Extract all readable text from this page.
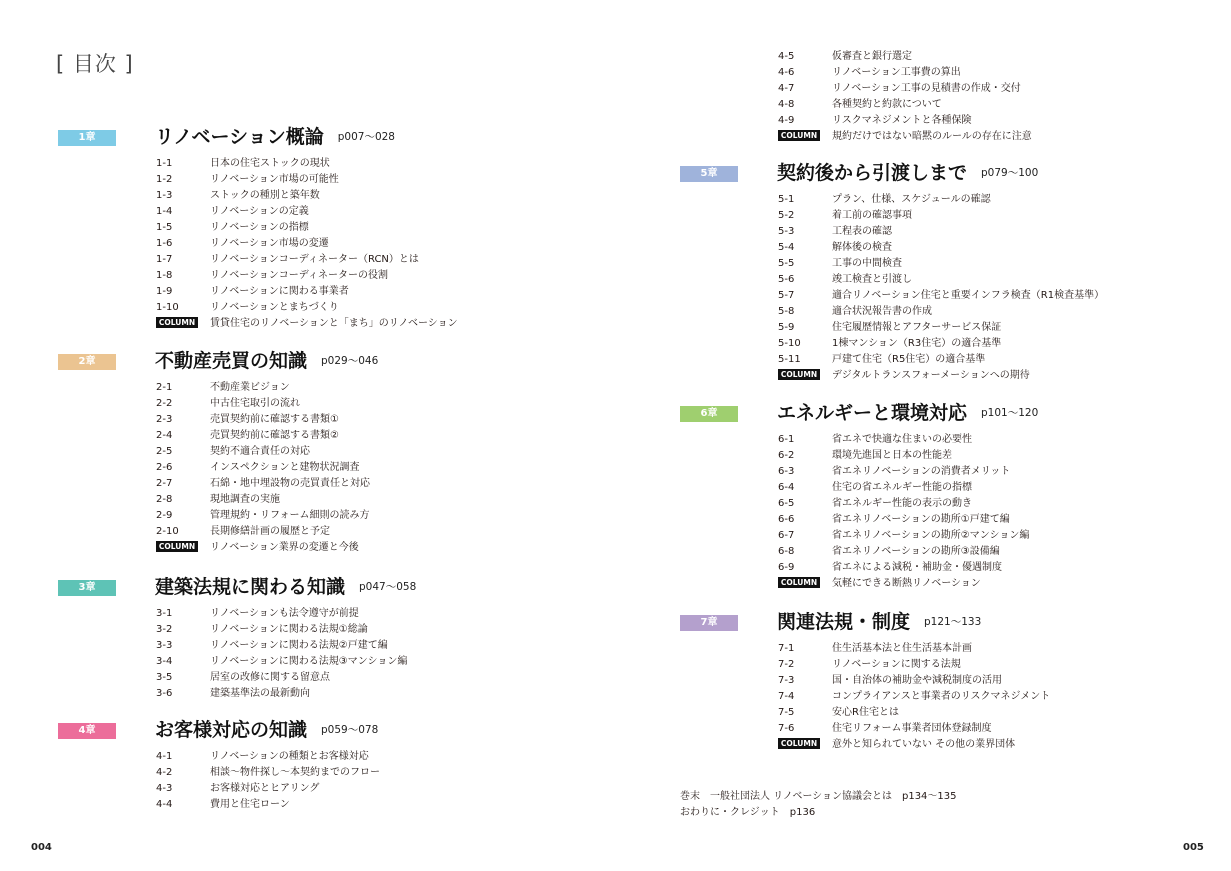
[ 目次 ]
1章	リノベーション概論 p007〜028
1-1	日本の住宅ストックの現状
1-2	リノベーション市場の可能性
1-3	ストックの種別と築年数
1-4	リノベーションの定義
1-5	リノベーションの指標
1-6	リノベーション市場の変遷
1-7	リノベーションコーディネーター（RCN）とは
1-8	リノベーションコーディネーターの役割
1-9	リノベーションに関わる事業者
1-10	リノベーションとまちづくり
COLUMN 賃貸住宅のリノベーションと「まち」のリノベーション
2章	不動産売買の知識 p029〜046
2-1	不動産業ビジョン
2-2	中古住宅取引の流れ
2-3	売買契約前に確認する書類①
2-4	売買契約前に確認する書類②
2-5	契約不適合責任の対応
2-6	インスペクションと建物状況調査
2-7	石綿・地中埋設物の売買責任と対応
2-8	現地調査の実施
2-9	管理規約・リフォーム細則の読み方
2-10	長期修繕計画の履歴と予定
COLUMN リノベーション業界の変遷と今後
3章	建築法規に関わる知識 p047〜058
3-1	リノベーションも法令遵守が前提
3-2	リノベーションに関わる法規①総論
3-3	リノベーションに関わる法規②戸建て編
3-4	リノベーションに関わる法規③マンション編
3-5	居室の改修に関する留意点
3-6	建築基準法の最新動向
4章	お客様対応の知識 p059〜078
4-1	リノベーションの種類とお客様対応
4-2	相談〜物件探し〜本契約までのフロー
4-3	お客様対応とヒアリング
4-4	費用と住宅ローン
4-5	仮審査と銀行選定
4-6	リノベーション工事費の算出
4-7	リノベーション工事の見積書の作成・交付
4-8	各種契約と約款について
4-9	リスクマネジメントと各種保険
COLUMN 規約だけではない暗黙のルールの存在に注意
5章	契約後から引渡しまで p079〜100
5-1	プラン、仕様、スケジュールの確認
5-2	着工前の確認事項
5-3	工程表の確認
5-4	解体後の検査
5-5	工事の中間検査
5-6	竣工検査と引渡し
5-7	適合リノベーション住宅と重要インフラ検査（R1検査基準）
5-8	適合状況報告書の作成
5-9	住宅履歴情報とアフターサービス保証
5-10	1棟マンション（R3住宅）の適合基準
5-11	戸建て住宅（R5住宅）の適合基準
COLUMN デジタルトランスフォーメーションへの期待
6章	エネルギーと環境対応 p101〜120
6-1	省エネで快適な住まいの必要性
6-2	環境先進国と日本の性能差
6-3	省エネリノベーションの消費者メリット
6-4	住宅の省エネルギー性能の指標
6-5	省エネルギー性能の表示の動き
6-6	省エネリノベーションの勘所①戸建て編
6-7	省エネリノベーションの勘所②マンション編
6-8	省エネリノベーションの勘所③設備編
6-9	省エネによる減税・補助金・優遇制度
COLUMN 気軽にできる断熱リノベーション
7章	関連法規・制度 p121〜133
7-1	住生活基本法と住生活基本計画
7-2	リノベーションに関する法規
7-3	国・自治体の補助金や減税制度の活用
7-4	コンプライアンスと事業者のリスクマネジメント
7-5	安心R住宅とは
7-6	住宅リフォーム事業者団体登録制度
COLUMN 意外と知られていない その他の業界団体
巻末　一般社団法人 リノベーション協議会とは　p134〜135
おわりに・クレジット　p136
004	005
